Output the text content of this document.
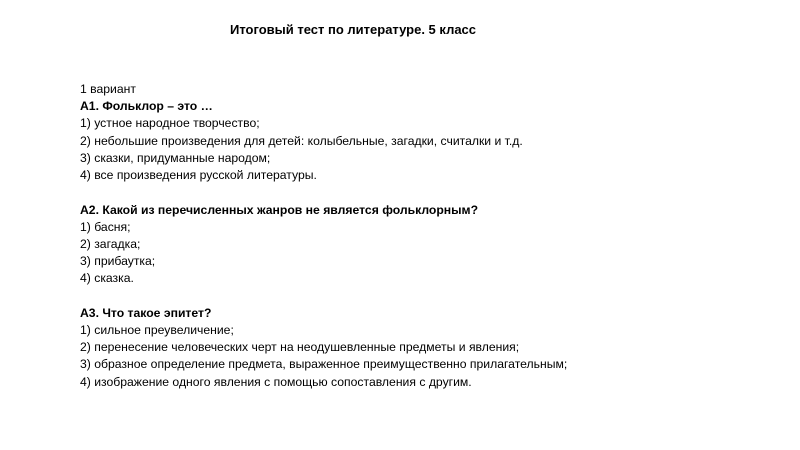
Итоговый тест по литературе. 5 класс
1 вариант
А1. Фольклор – это …
1) устное народное творчество;
2) небольшие произведения для детей: колыбельные, загадки, считалки и т.д.
3) сказки, придуманные народом;
4) все произведения русской литературы.
А2. Какой из перечисленных жанров не является фольклорным?
1) басня;
2) загадка;
3) прибаутка;
4) сказка.
А3. Что такое эпитет?
1) сильное преувеличение;
2) перенесение человеческих черт на неодушевленные предметы и явления;
3) образное определение предмета, выраженное преимущественно прилагательным;
4) изображение одного явления с помощью сопоставления с другим.
